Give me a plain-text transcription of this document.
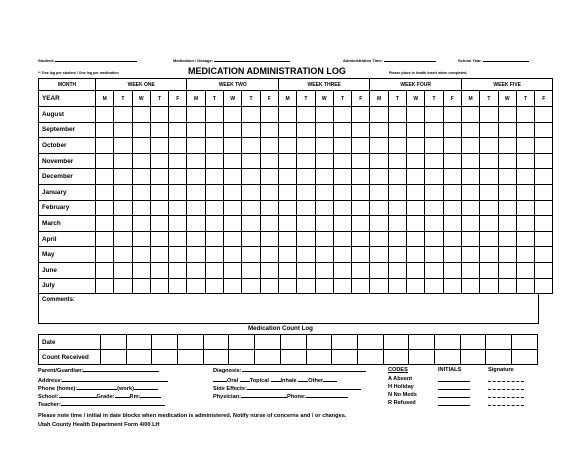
Student:	Medication / Dosage:	Administration Time:	School Year:
** One log per student / One log per medication	MEDICATION ADMINISTRATION LOG	Please place in health insert when completed.
MONTH	WEEK ONE					WEEK TWO					WEEK THREE					WEEK FOUR					WEEK FIVE				
YEAR	M	T	W	T	F	M	T	W	T	F	M	T	W	T	F	M	T	W	T	F	M	T	W	T	F
August																									
September																									
October																									
November																									
December																									
January																									
February																									
March																									
April																									
May																									
June																									
July																									
Comments:
Medication Count Log
Date																	
Count Received																	
Parent/Guardian:
Address:
Phone (home):	(work)
School:	Grade:	Rm:
Teacher:
Diagnosis:
Oral Topical Inhale Other
Side Effects:
Physician:	Phone:
CODES	INITIALS	Signature
A Absent
H Holiday
N No Meds
R Refused
Please note time / initial in date blocks when medication is administered. Notify nurse of concerns and / or changes.
Utah County Health Department Form 4/00 LH
